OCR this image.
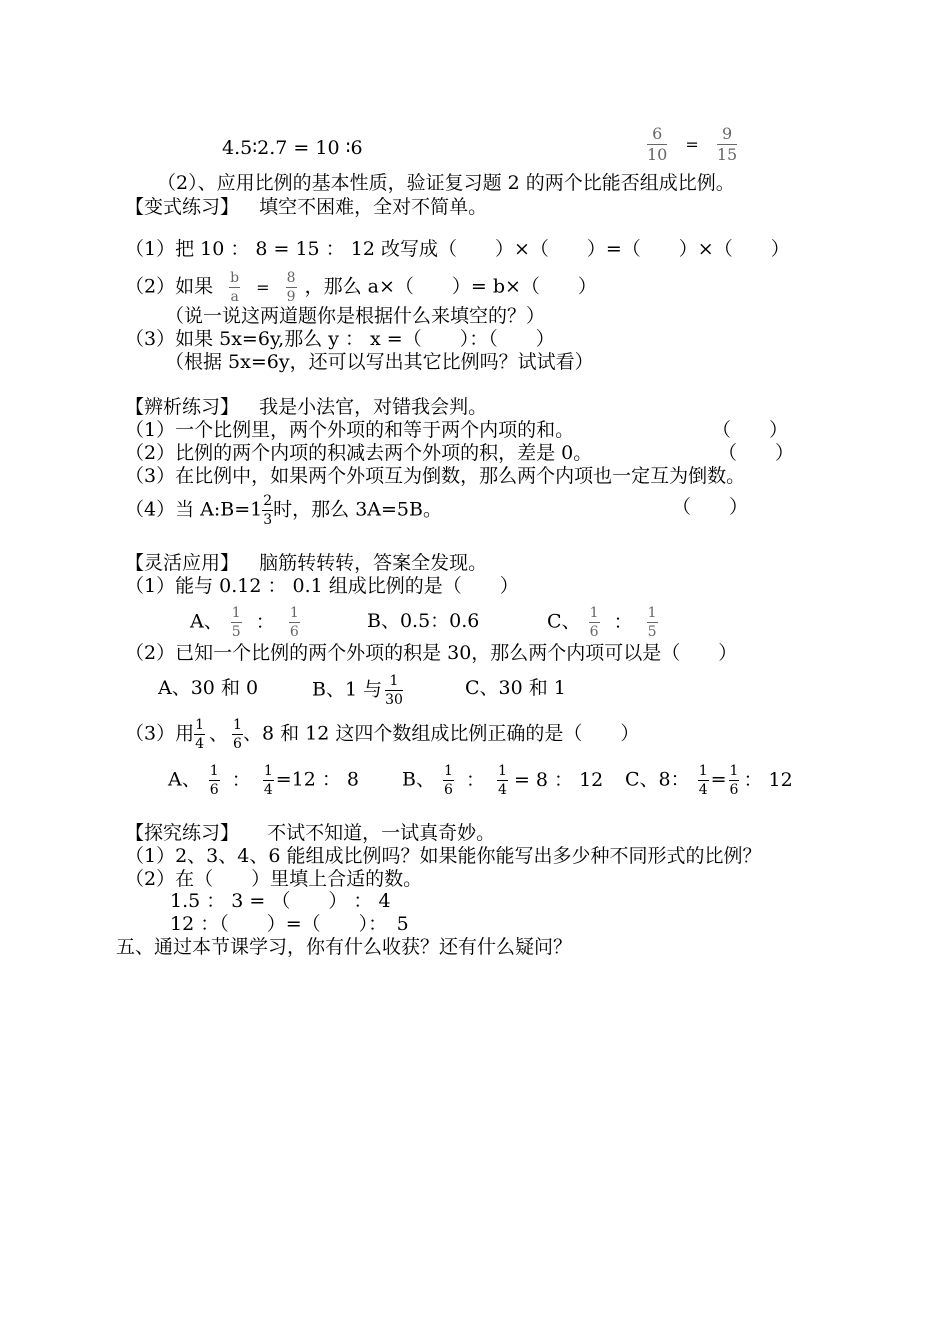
4.5∶2.7 = 10 ∶6	$\frac{6}{10} = \frac{9}{15}$
（2）、应用比例的基本性质，验证复习题 2 的两个比能否组成比例。
【变式练习】 填空不困难，全对不简单。
（1）把 10 ： 8 = 15 ： 12 改写成（　　）×（　　）=（　　）×（　　）
（2）如果 $\frac{b}{a} = \frac{8}{9}$ ，那么 a×（　　）= b×（　　）
（说一说这两道题你是根据什么来填空的？）
（3）如果 5x=6y,那么 y ： x =（　　）：（　　）
（根据 5x=6y，还可以写出其它比例吗？试试看）
【辨析练习】 我是小法官，对错我会判。
（1）一个比例里，两个外项的和等于两个内项的和。	（　　）
（2）比例的两个内项的积减去两个外项的积，差是 0。	（　　）
（3）在比例中，如果两个外项互为倒数，那么两个内项也一定互为倒数。
（4）当 A:B=1 $\frac{2}{3}$ 时，那么 3A=5B。	（　　）
【灵活应用】 脑筋转转转，答案全发现。
（1）能与 0.12 ： 0.1 组成比例的是（　　）
A、 $\frac{1}{5}$ ： $\frac{1}{6}$	B、0.5：0.6	C、 $\frac{1}{6}$ ： $\frac{1}{5}$
（2）已知一个比例的两个外项的积是 30，那么两个内项可以是（　　）
A、30 和 0	B、1 与 $\frac{1}{30}$	C、30 和 1
（3）用 $\frac{1}{4}$ 、 $\frac{1}{6}$ 、8 和 12 这四个数组成比例正确的是（　　）
A、 $\frac{1}{6}$ ： $\frac{1}{4} =12$ ： 8 B、 $\frac{1}{6}$ ： $\frac{1}{4} = 8$ ： 12 C、8： $\frac{1}{4} = \frac{1}{6}$ ： 12
【探究练习】 不试不知道，一试真奇妙。
（1）2、3、4、6 能组成比例吗？如果能你能写出多少种不同形式的比例？
（2）在（　　）里填上合适的数。
1.5 ： 3 = （　　） ： 4
12 ：（　　）=（　　）：　5
五、通过本节课学习，你有什么收获？还有什么疑问？
